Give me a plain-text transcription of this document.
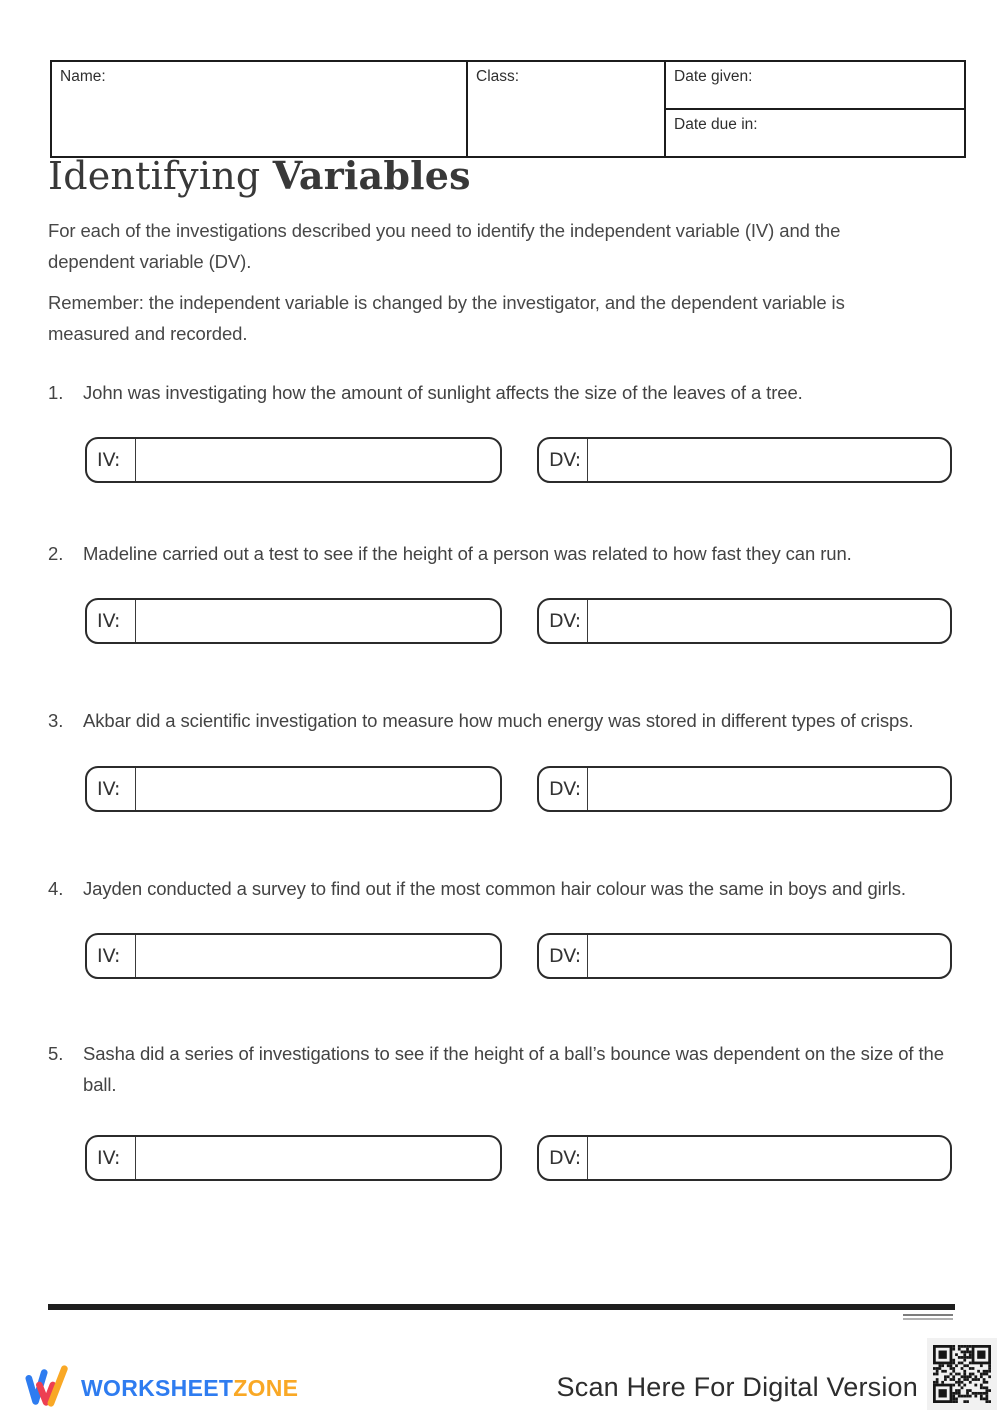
Name:	Class:	Date given:
Date due in:
Identifying Variables
For each of the investigations described you need to identify the independent variable (IV) and the dependent variable (DV).
Remember: the independent variable is changed by the investigator, and the dependent variable is measured and recorded.
1.	John was investigating how the amount of sunlight affects the size of the leaves of a tree.
IV:	DV:
2.	Madeline carried out a test to see if the height of a person was related to how fast they can run.
IV:	DV:
3.	Akbar did a scientific investigation to measure how much energy was stored in different types of crisps.
IV:	DV:
4.	Jayden conducted a survey to find out if the most common hair colour was the same in boys and girls.
IV:	DV:
5.	Sasha did a series of investigations to see if the height of a ball’s bounce was dependent on the size of the ball.
IV:	DV:
WORKSHEETZONE	Scan Here For Digital Version
